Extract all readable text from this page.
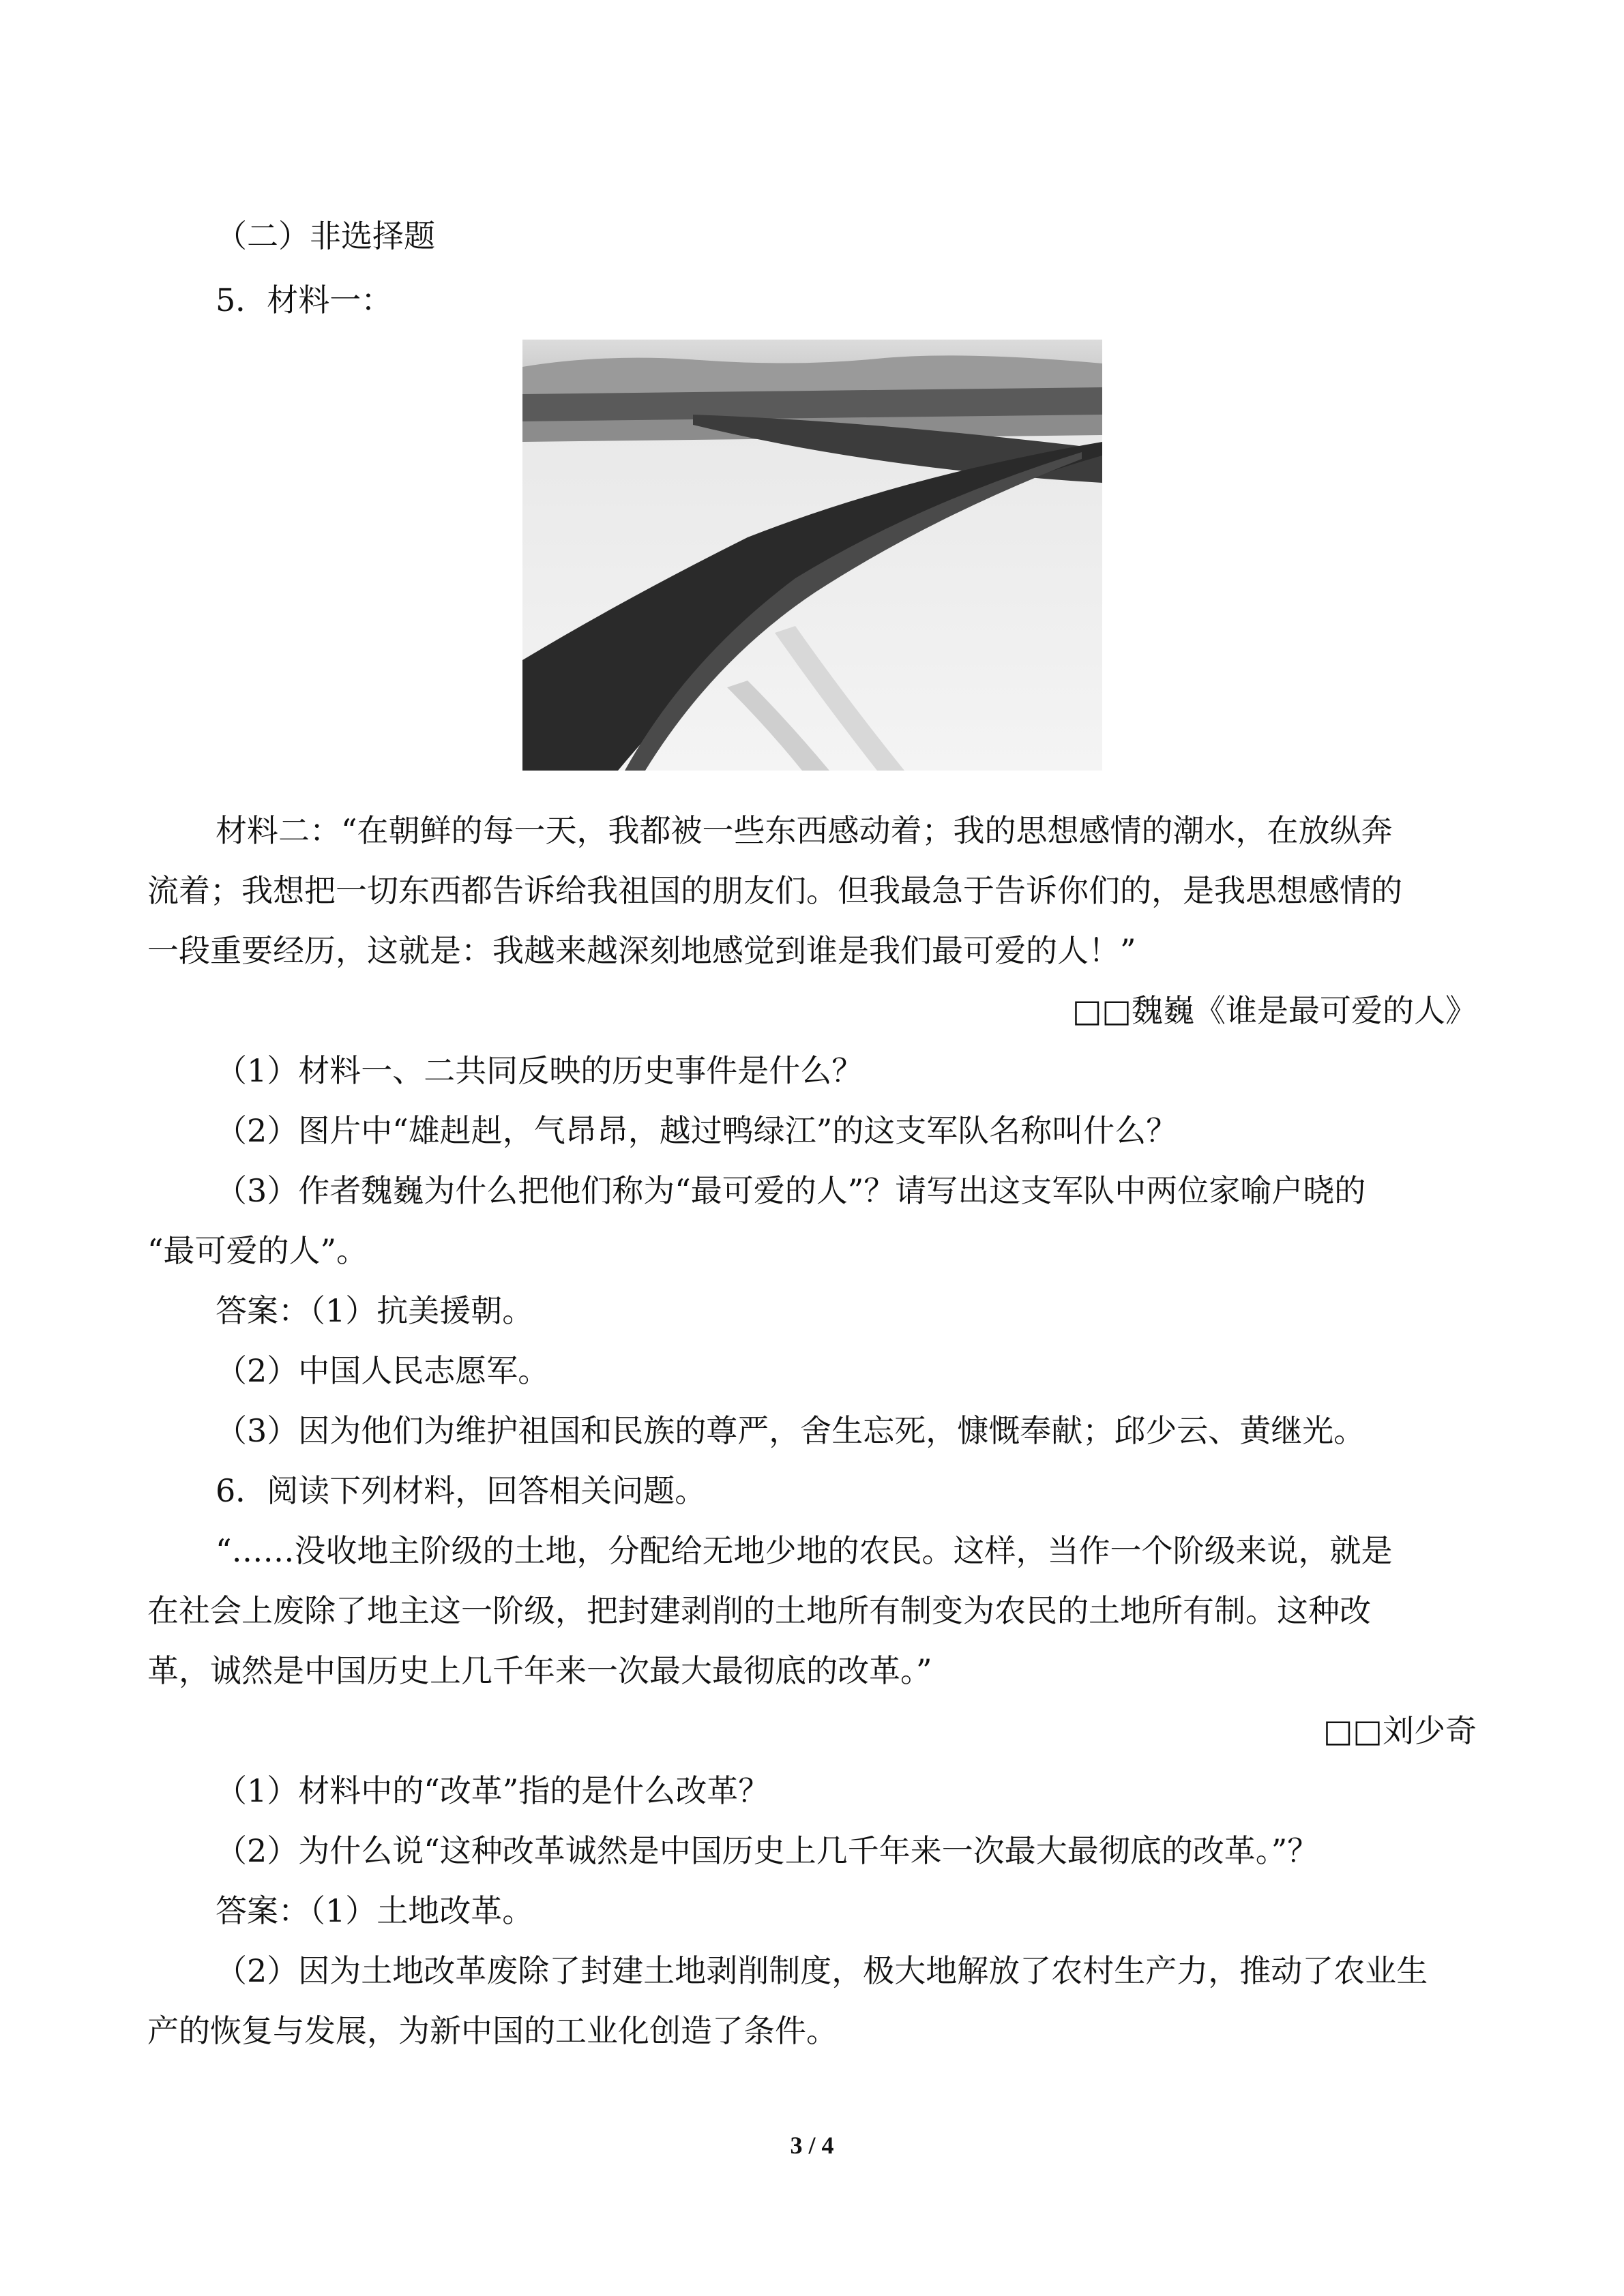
（二）非选择题
5．材料一：
材料二：“在朝鲜的每一天，我都被一些东西感动着；我的思想感情的潮水，在放纵奔
流着；我想把一切东西都告诉给我祖国的朋友们。但我最急于告诉你们的，是我思想感情的
一段重要经历，这就是：我越来越深刻地感觉到谁是我们最可爱的人！”
□□魏巍《谁是最可爱的人》
（1）材料一、二共同反映的历史事件是什么？
（2）图片中“雄赳赳，气昂昂，越过鸭绿江”的这支军队名称叫什么？
（3）作者魏巍为什么把他们称为“最可爱的人”？请写出这支军队中两位家喻户晓的
“最可爱的人”。
答案：（1）抗美援朝。
（2）中国人民志愿军。
（3）因为他们为维护祖国和民族的尊严，舍生忘死，慷慨奉献；邱少云、黄继光。
6．阅读下列材料，回答相关问题。
“……没收地主阶级的土地，分配给无地少地的农民。这样，当作一个阶级来说，就是
在社会上废除了地主这一阶级，把封建剥削的土地所有制变为农民的土地所有制。这种改
革，诚然是中国历史上几千年来一次最大最彻底的改革。”
□□刘少奇
（1）材料中的“改革”指的是什么改革？
（2）为什么说“这种改革诚然是中国历史上几千年来一次最大最彻底的改革。”？
答案：（1）土地改革。
（2）因为土地改革废除了封建土地剥削制度，极大地解放了农村生产力，推动了农业生
产的恢复与发展，为新中国的工业化创造了条件。
3 / 4
